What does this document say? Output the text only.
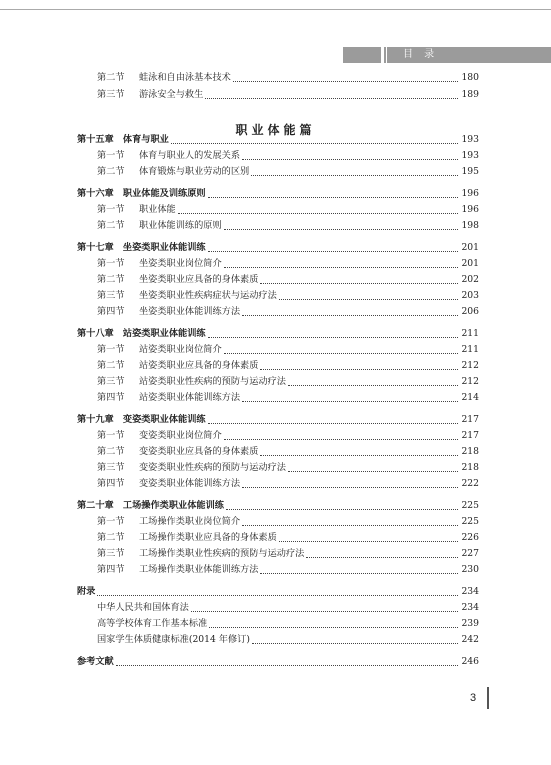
目 录
职业体能篇
第二节 蛙泳和自由泳基本技术	180
第三节 游泳安全与救生	189
第十五章　体育与职业	193
第一节 体育与职业人的发展关系	193
第二节 体育锻炼与职业劳动的区别	195
第十六章　职业体能及训练原则	196
第一节 职业体能	196
第二节 职业体能训练的原则	198
第十七章　坐姿类职业体能训练	201
第一节 坐姿类职业岗位简介	201
第二节 坐姿类职业应具备的身体素质	202
第三节 坐姿类职业性疾病症状与运动疗法	203
第四节 坐姿类职业体能训练方法	206
第十八章　站姿类职业体能训练	211
第一节 站姿类职业岗位简介	211
第二节 站姿类职业应具备的身体素质	212
第三节 站姿类职业性疾病的预防与运动疗法	212
第四节 站姿类职业体能训练方法	214
第十九章　变姿类职业体能训练	217
第一节 变姿类职业岗位简介	217
第二节 变姿类职业应具备的身体素质	218
第三节 变姿类职业性疾病的预防与运动疗法	218
第四节 变姿类职业体能训练方法	222
第二十章　工场操作类职业体能训练	225
第一节 工场操作类职业岗位简介	225
第二节 工场操作类职业应具备的身体素质	226
第三节 工场操作类职业性疾病的预防与运动疗法	227
第四节 工场操作类职业体能训练方法	230
附录	234
中华人民共和国体育法	234
高等学校体育工作基本标准	239
国家学生体质健康标准(2014 年修订)	242
参考文献	246
3
